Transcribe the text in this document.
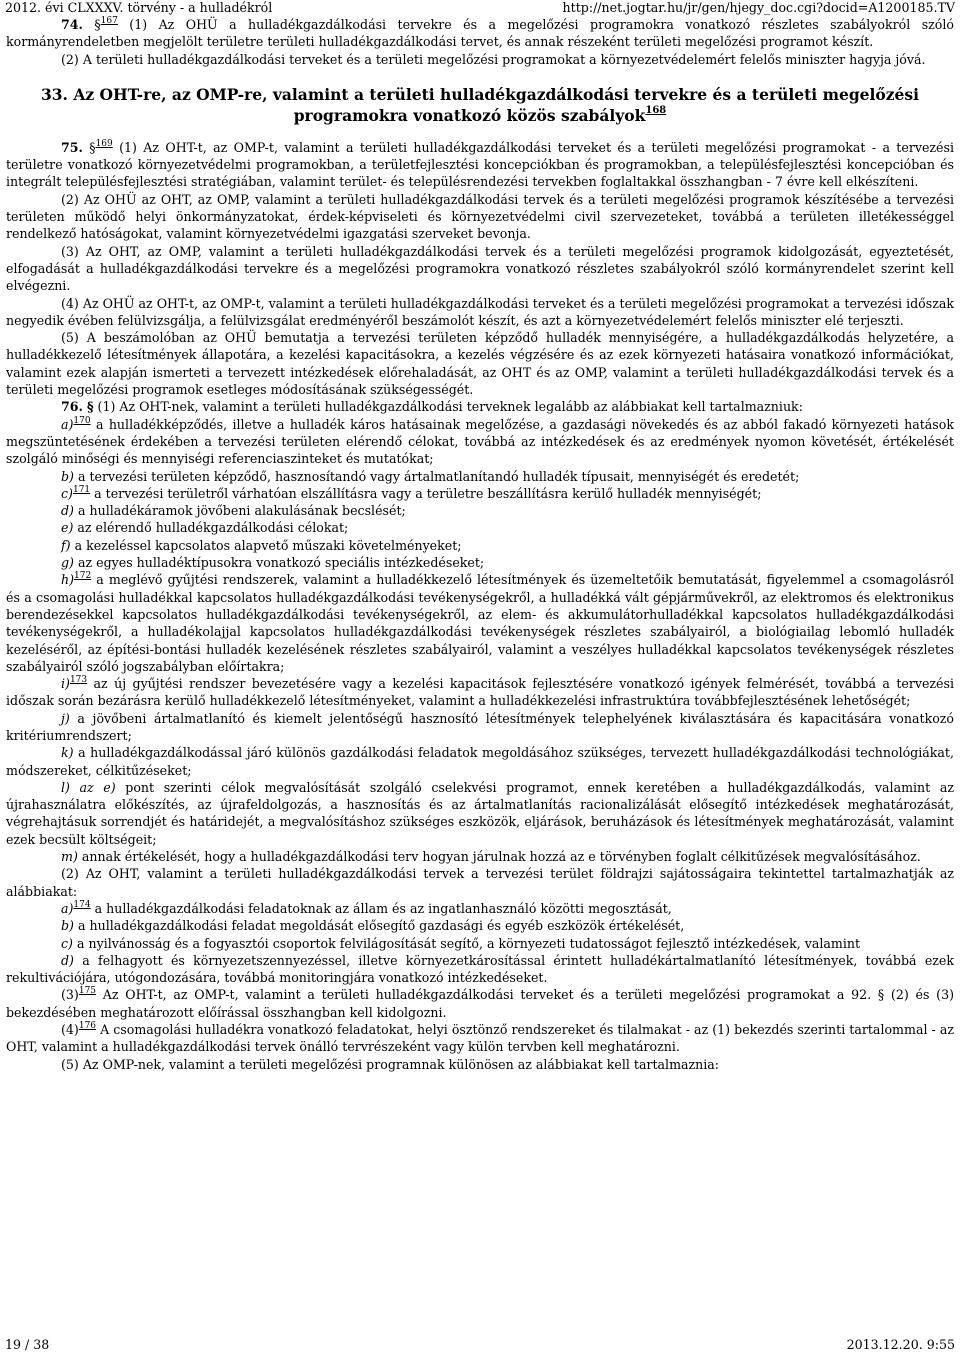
2012. évi CLXXXV. törvény - a hulladékról	http://net.jogtar.hu/jr/gen/hjegy_doc.cgi?docid=A1200185.TV

74. §$^{167}$ (1) Az OHÜ a hulladékgazdálkodási tervekre és a megelőzési programokra vonatkozó részletes szabályokról szóló kormányrendeletben megjelölt területre területi hulladékgazdálkodási tervet, és annak részeként területi megelőzési programot készít.

(2) A területi hulladékgazdálkodási terveket és a területi megelőzési programokat a környezetvédelemért felelős miniszter hagyja jóvá.

33. Az OHT-re, az OMP-re, valamint a területi hulladékgazdálkodási tervekre és a területi megelőzési programokra vonatkozó közös szabályok$^{168}$

75. §$^{169}$ (1) Az OHT-t, az OMP-t, valamint a területi hulladékgazdálkodási terveket és a területi megelőzési programokat - a tervezési területre vonatkozó környezetvédelmi programokban, a területfejlesztési koncepciókban és programokban, a településfejlesztési koncepcióban és integrált településfejlesztési stratégiában, valamint terület- és településrendezési tervekben foglaltakkal összhangban - 7 évre kell elkészíteni.

(2) Az OHÜ az OHT, az OMP, valamint a területi hulladékgazdálkodási tervek és a területi megelőzési programok készítésébe a tervezési területen működő helyi önkormányzatokat, érdek-képviseleti és környezetvédelmi civil szervezeteket, továbbá a területen illetékességgel rendelkező hatóságokat, valamint környezetvédelmi igazgatási szerveket bevonja.

(3) Az OHT, az OMP, valamint a területi hulladékgazdálkodási tervek és a területi megelőzési programok kidolgozását, egyeztetését, elfogadását a hulladékgazdálkodási tervekre és a megelőzési programokra vonatkozó részletes szabályokról szóló kormányrendelet szerint kell elvégezni.

(4) Az OHÜ az OHT-t, az OMP-t, valamint a területi hulladékgazdálkodási terveket és a területi megelőzési programokat a tervezési időszak negyedik évében felülvizsgálja, a felülvizsgálat eredményéről beszámolót készít, és azt a környezetvédelemért felelős miniszter elé terjeszti.

(5) A beszámolóban az OHÜ bemutatja a tervezési területen képződő hulladék mennyiségére, a hulladékgazdálkodás helyzetére, a hulladékkezelő létesítmények állapotára, a kezelési kapacitásokra, a kezelés végzésére és az ezek környezeti hatásaira vonatkozó információkat, valamint ezek alapján ismerteti a tervezett intézkedések előrehaladását, az OHT és az OMP, valamint a területi hulladékgazdálkodási tervek és a területi megelőzési programok esetleges módosításának szükségességét.

76. § (1) Az OHT-nek, valamint a területi hulladékgazdálkodási terveknek legalább az alábbiakat kell tartalmazniuk:

a)$^{170}$ a hulladékképződés, illetve a hulladék káros hatásainak megelőzése, a gazdasági növekedés és az abból fakadó környezeti hatások megszüntetésének érdekében a tervezési területen elérendő célokat, továbbá az intézkedések és az eredmények nyomon követését, értékelését szolgáló minőségi és mennyiségi referenciaszinteket és mutatókat;

b) a tervezési területen képződő, hasznosítandó vagy ártalmatlanítandó hulladék típusait, mennyiségét és eredetét;

c)$^{171}$ a tervezési területről várhatóan elszállításra vagy a területre beszállításra kerülő hulladék mennyiségét;

d) a hulladékáramok jövőbeni alakulásának becslését;

e) az elérendő hulladékgazdálkodási célokat;

f) a kezeléssel kapcsolatos alapvető műszaki követelményeket;

g) az egyes hulladéktípusokra vonatkozó speciális intézkedéseket;

h)$^{172}$ a meglévő gyűjtési rendszerek, valamint a hulladékkezelő létesítmények és üzemeltetőik bemutatását, figyelemmel a csomagolásról és a csomagolási hulladékkal kapcsolatos hulladékgazdálkodási tevékenységekről, a hulladékká vált gépjárművekről, az elektromos és elektronikus berendezésekkel kapcsolatos hulladékgazdálkodási tevékenységekről, az elem- és akkumulátorhulladékkal kapcsolatos hulladékgazdálkodási tevékenységekről, a hulladékolajjal kapcsolatos hulladékgazdálkodási tevékenységek részletes szabályairól, a biológiailag lebomló hulladék kezeléséről, az építési-bontási hulladék kezelésének részletes szabályairól, valamint a veszélyes hulladékkal kapcsolatos tevékenységek részletes szabályairól szóló jogszabályban előírtakra;

i)$^{173}$ az új gyűjtési rendszer bevezetésére vagy a kezelési kapacitások fejlesztésére vonatkozó igények felmérését, továbbá a tervezési időszak során bezárásra kerülő hulladékkezelő létesítményeket, valamint a hulladékkezelési infrastruktúra továbbfejlesztésének lehetőségét;

j) a jövőbeni ártalmatlanító és kiemelt jelentőségű hasznosító létesítmények telephelyének kiválasztására és kapacitására vonatkozó kritériumrendszert;

k) a hulladékgazdálkodással járó különös gazdálkodási feladatok megoldásához szükséges, tervezett hulladékgazdálkodási technológiákat, módszereket, célkitűzéseket;

l) az e) pont szerinti célok megvalósítását szolgáló cselekvési programot, ennek keretében a hulladékgazdálkodás, valamint az újrahasználatra előkészítés, az újrafeldolgozás, a hasznosítás és az ártalmatlanítás racionalizálását elősegítő intézkedések meghatározását, végrehajtásuk sorrendjét és határidejét, a megvalósításhoz szükséges eszközök, eljárások, beruházások és létesítmények meghatározását, valamint ezek becsült költségeit;

m) annak értékelését, hogy a hulladékgazdálkodási terv hogyan járulnak hozzá az e törvényben foglalt célkitűzések megvalósításához.

(2) Az OHT, valamint a területi hulladékgazdálkodási tervek a tervezési terület földrajzi sajátosságaira tekintettel tartalmazhatják az alábbiakat:

a)$^{174}$ a hulladékgazdálkodási feladatoknak az állam és az ingatlanhasználó közötti megosztását,

b) a hulladékgazdálkodási feladat megoldását elősegítő gazdasági és egyéb eszközök értékelését,

c) a nyilvánosság és a fogyasztói csoportok felvilágosítását segítő, a környezeti tudatosságot fejlesztő intézkedések, valamint

d) a felhagyott és környezetszennyezéssel, illetve környezetkárosítással érintett hulladékártalmatlanító létesítmények, továbbá ezek rekultivációjára, utógondozására, továbbá monitoringjára vonatkozó intézkedéseket.

$(3)^{175}$ Az OHT-t, az OMP-t, valamint a területi hulladékgazdálkodási terveket és a területi megelőzési programokat a 92. § (2) és (3) bekezdésében meghatározott előírással összhangban kell kidolgozni.

$(4)^{176}$ A csomagolási hulladékra vonatkozó feladatokat, helyi ösztönző rendszereket és tilalmakat - az (1) bekezdés szerinti tartalommal - az OHT, valamint a hulladékgazdálkodási tervek önálló tervrészeként vagy külön tervben kell meghatározni.

(5) Az OMP-nek, valamint a területi megelőzési programnak különösen az alábbiakat kell tartalmaznia:

19 / 38	2013.12.20. 9:55
